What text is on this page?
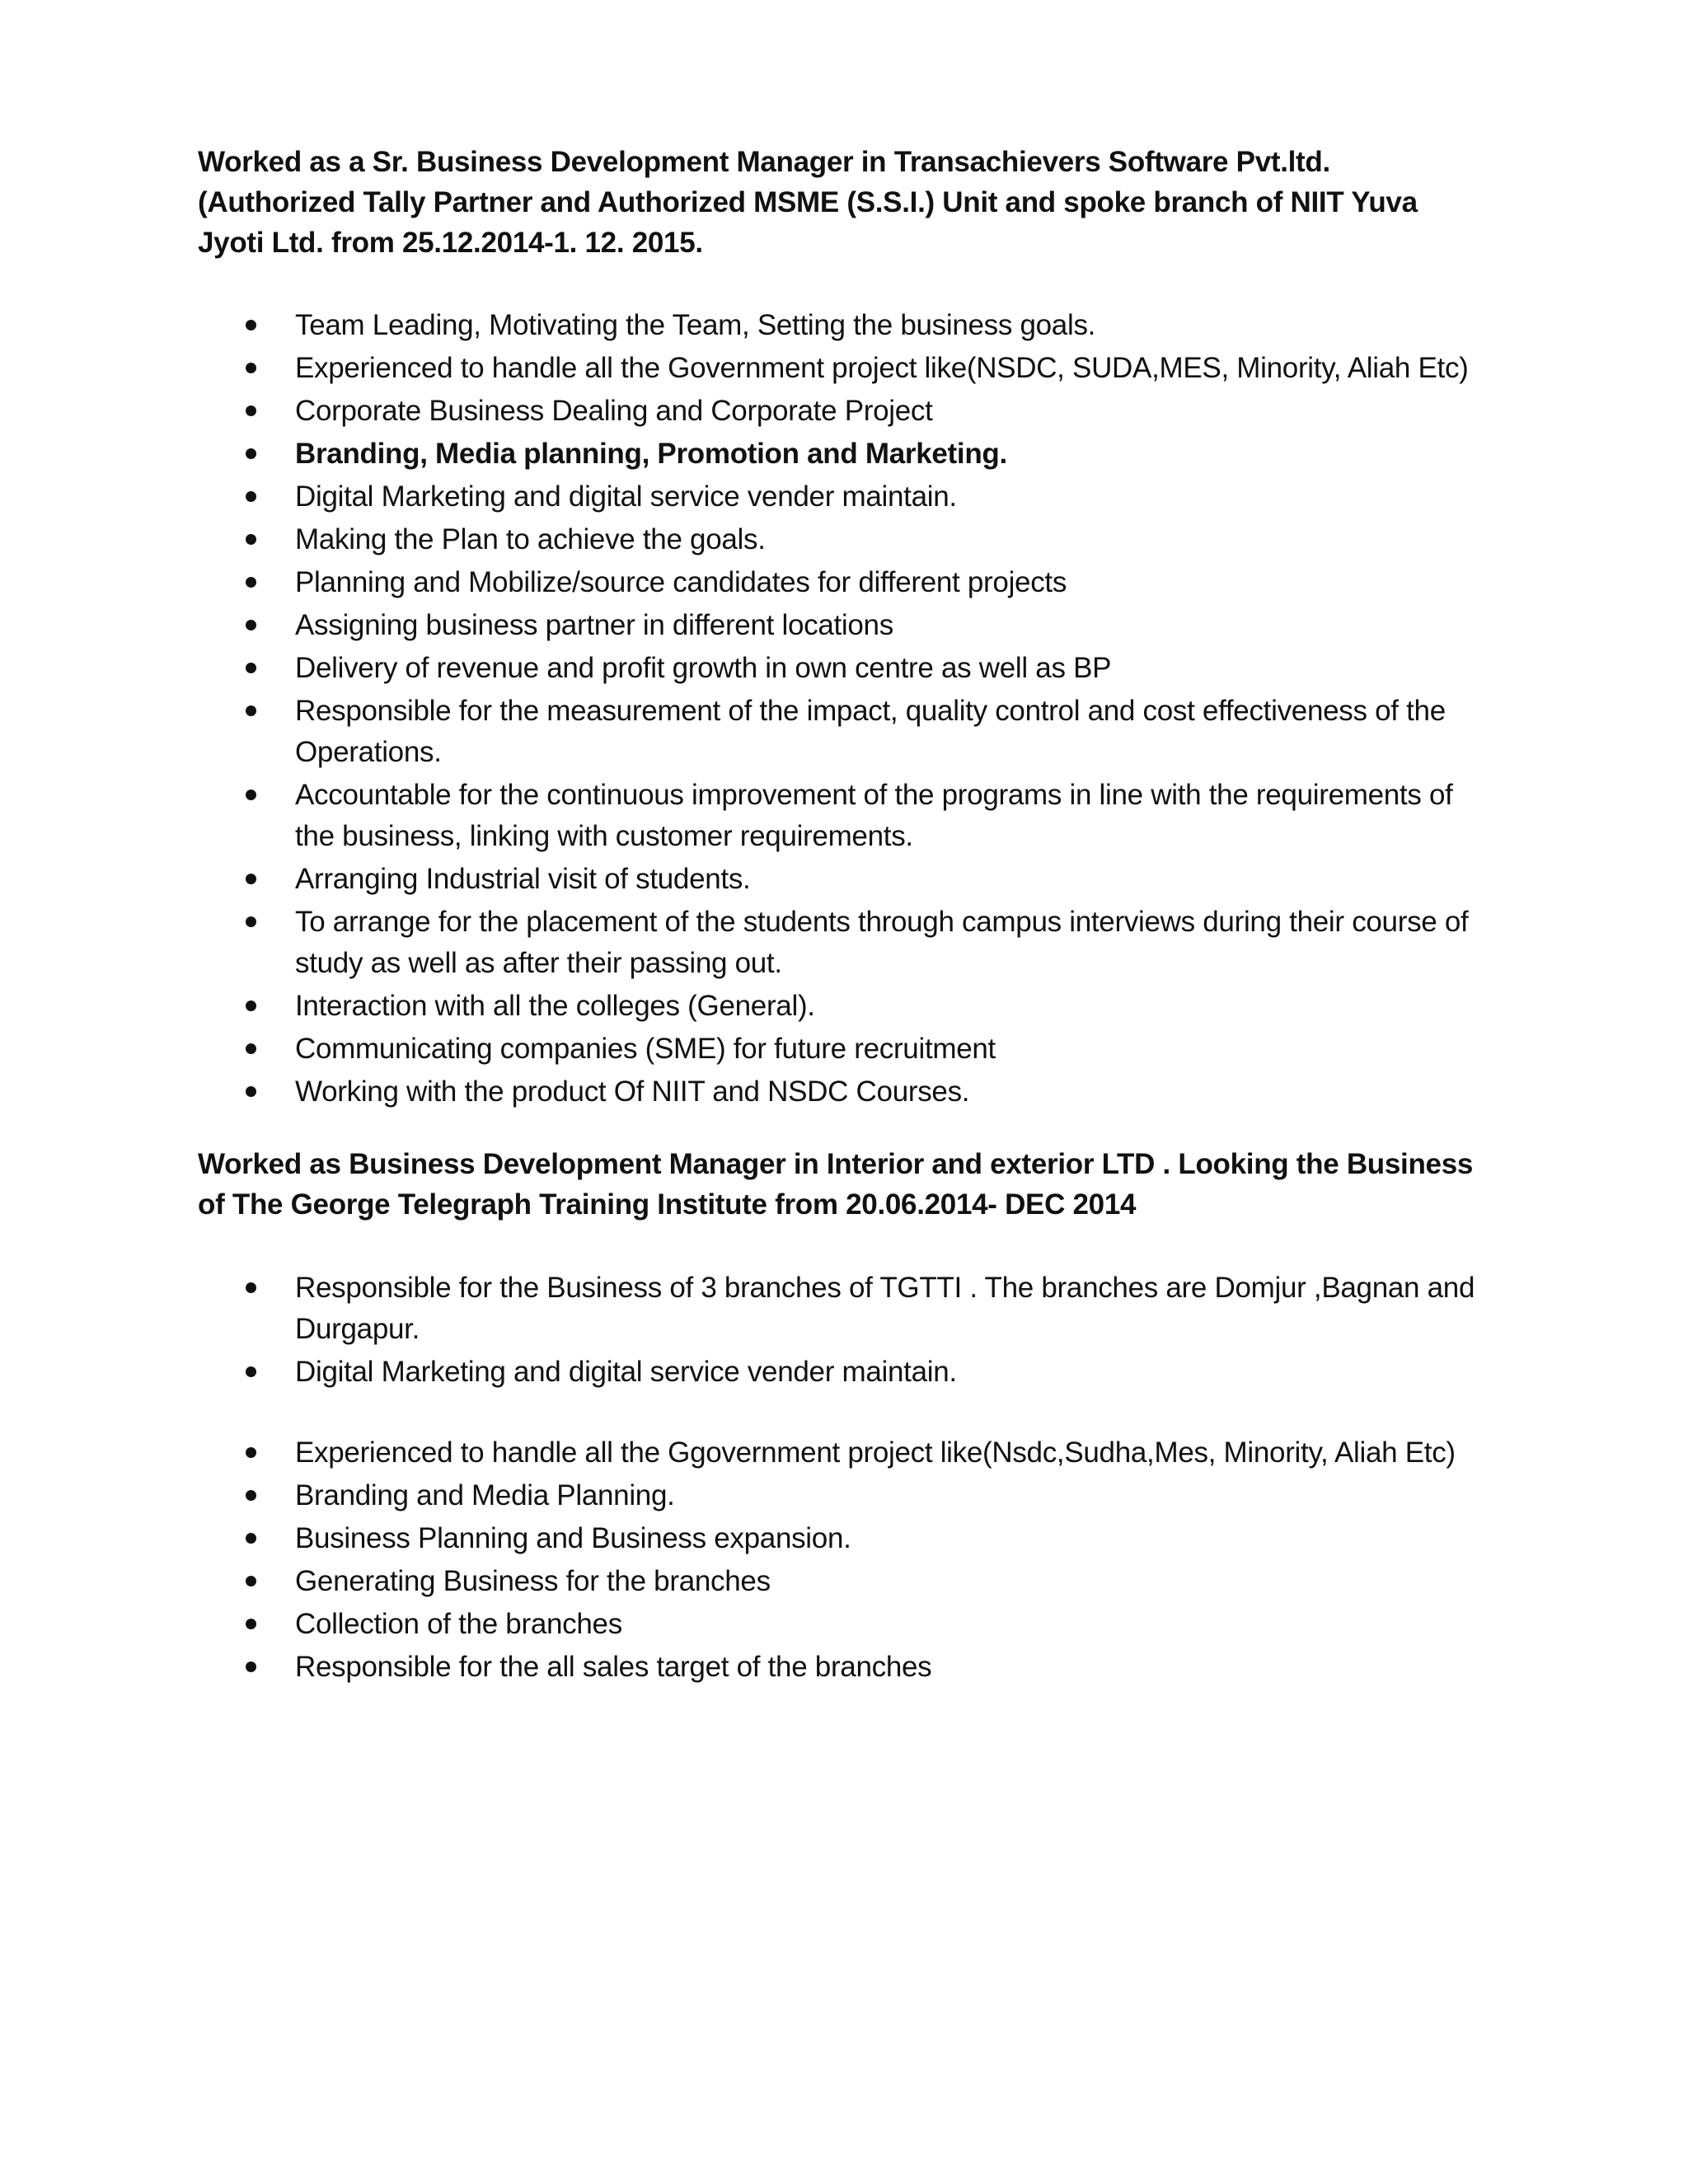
Worked as a Sr. Business Development Manager in Transachievers Software Pvt.ltd. (Authorized Tally Partner and Authorized MSME (S.S.I.) Unit and spoke branch of NIIT Yuva Jyoti Ltd. from 25.12.2014-1. 12. 2015.

Team Leading, Motivating the Team, Setting the business goals.
Experienced to handle all the Government project like(NSDC, SUDA,MES, Minority, Aliah Etc)
Corporate Business Dealing and Corporate Project
Branding, Media planning, Promotion and Marketing.
Digital Marketing and digital service vender maintain.
Making the Plan to achieve the goals.
Planning and Mobilize/source candidates for different projects
Assigning business partner in different locations
Delivery of revenue and profit growth in own centre as well as BP
Responsible for the measurement of the impact, quality control and cost effectiveness of the Operations.
Accountable for the continuous improvement of the programs in line with the requirements of the business, linking with customer requirements.
Arranging Industrial visit of students.
To arrange for the placement of the students through campus interviews during their course of study as well as after their passing out.
Interaction with all the colleges (General).
Communicating companies (SME) for future recruitment
Working with the product Of NIIT and NSDC Courses.

Worked as Business Development Manager in Interior and exterior LTD . Looking the Business of The George Telegraph Training Institute from 20.06.2014- DEC 2014

Responsible for the Business of 3 branches of TGTTI . The branches are Domjur ,Bagnan and Durgapur.
Digital Marketing and digital service vender maintain.
Experienced to handle all the Ggovernment project like(Nsdc,Sudha,Mes, Minority, Aliah Etc)
Branding and Media Planning.
Business Planning and Business expansion.
Generating Business for the branches
Collection of the branches
Responsible for the all sales target of the branches
